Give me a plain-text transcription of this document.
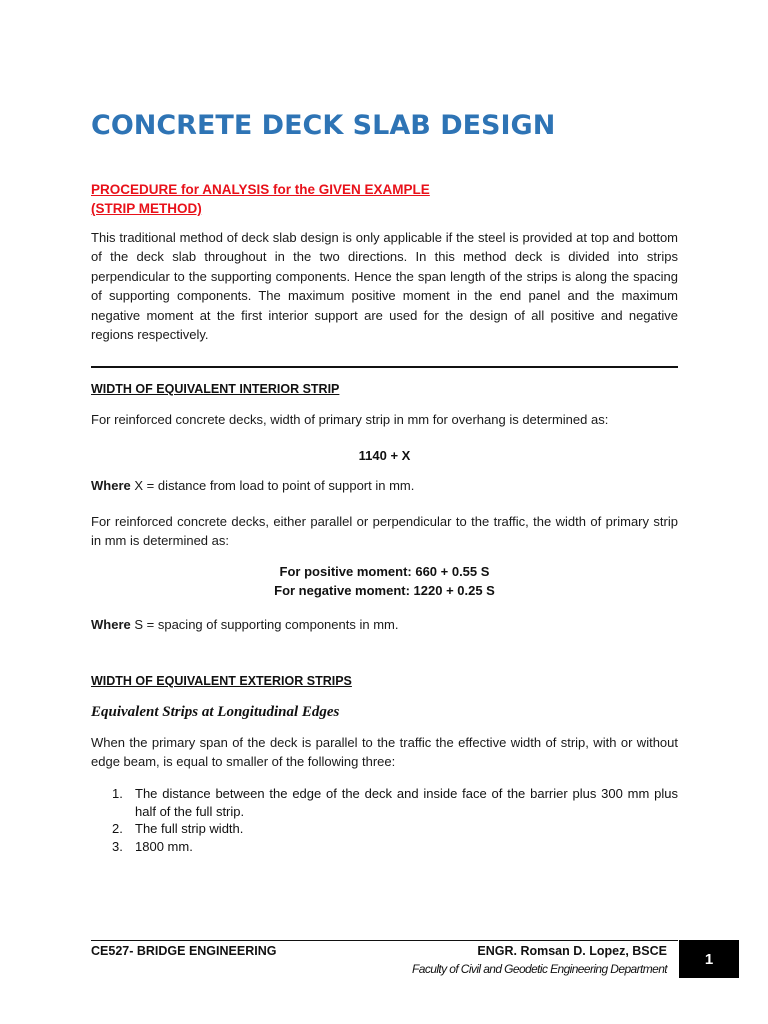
CONCRETE DECK SLAB DESIGN
PROCEDURE for ANALYSIS for the GIVEN EXAMPLE
(STRIP METHOD)

This traditional method of deck slab design is only applicable if the steel is provided at top and bottom of the deck slab throughout in the two directions. In this method deck is divided into strips perpendicular to the supporting components. Hence the span length of the strips is along the spacing of supporting components. The maximum positive moment in the end panel and the maximum negative moment at the first interior support are used for the design of all positive and negative regions respectively.

WIDTH OF EQUIVALENT INTERIOR STRIP

For reinforced concrete decks, width of primary strip in mm for overhang is determined as:

1140 + X

Where X = distance from load to point of support in mm.

For reinforced concrete decks, either parallel or perpendicular to the traffic, the width of primary strip in mm is determined as:

For positive moment: 660 + 0.55 S
For negative moment: 1220 + 0.25 S

Where S = spacing of supporting components in mm.

WIDTH OF EQUIVALENT EXTERIOR STRIPS
Equivalent Strips at Longitudinal Edges

When the primary span of the deck is parallel to the traffic the effective width of strip, with or without edge beam, is equal to smaller of the following three:

1. The distance between the edge of the deck and inside face of the barrier plus 300 mm plus half of the full strip.
2. The full strip width.
3. 1800 mm.

CE527- BRIDGE ENGINEERING	ENGR. Romsan D. Lopez, BSCE

Faculty of Civil and Geodetic Engineering Department

1
